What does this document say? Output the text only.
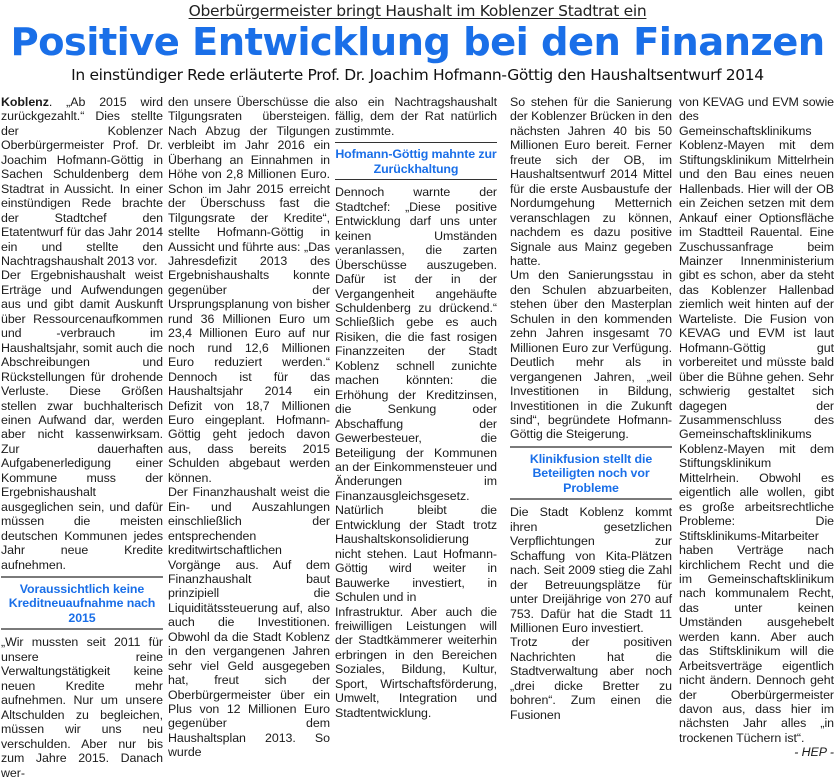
Oberbürgermeister bringt Haushalt im Koblenzer Stadtrat ein
Positive Entwicklung bei den Finanzen
In einstündiger Rede erläuterte Prof. Dr. Joachim Hofmann-Göttig den Haushaltsentwurf 2014

Koblenz. „Ab 2015 wird zurückgezahlt.“ Dies stellte der Koblenzer Oberbürgermeister Prof. Dr. Joachim Hofmann-Göttig in Sachen Schuldenberg dem Stadtrat in Aussicht. In einer einstündigen Rede brachte der Stadtchef den Etatentwurf für das Jahr 2014 ein und stellte den Nachtragshaushalt 2013 vor.

Der Ergebnishaushalt weist Erträge und Aufwendungen aus und gibt damit Auskunft über Ressourcenaufkommen und -verbrauch im Haushaltsjahr, somit auch die Abschreibungen und Rückstellungen für drohende Verluste. Diese Größen stellen zwar buchhalterisch einen Aufwand dar, werden aber nicht kassenwirksam. Zur dauerhaften Aufgabenerledigung einer Kommune muss der Ergebnishaushalt ausgeglichen sein, und dafür müssen die meisten deutschen Kommunen jedes Jahr neue Kredite aufnehmen.

Voraussichtlich keine Kreditneuaufnahme nach 2015

„Wir mussten seit 2011 für unsere reine Verwaltungstätigkeit keine neuen Kredite mehr aufnehmen. Nur um unsere Altschulden zu begleichen, müssen wir uns neu verschulden. Aber nur bis zum Jahre 2015. Danach wer-

den unsere Überschüsse die Tilgungsraten übersteigen. Nach Abzug der Tilgungen verbleibt im Jahr 2016 ein Überhang an Einnahmen in Höhe von 2,8 Millionen Euro. Schon im Jahr 2015 erreicht der Überschuss fast die Tilgungsrate der Kredite“, stellte Hofmann-Göttig in Aussicht und führte aus: „Das Jahresdefizit 2013 des Ergebnishaushalts konnte gegenüber der Ursprungsplanung von bisher rund 36 Millionen Euro um 23,4 Millionen Euro auf nur noch rund 12,6 Millionen Euro reduziert werden.“ Dennoch ist für das Haushaltsjahr 2014 ein Defizit von 18,7 Millionen Euro eingeplant. Hofmann-Göttig geht jedoch davon aus, dass bereits 2015 Schulden abgebaut werden können.

Der Finanzhaushalt weist die Ein- und Auszahlungen einschließlich der entsprechenden kreditwirtschaftlichen Vorgänge aus. Auf dem Finanzhaushalt baut prinzipiell die Liquiditätssteuerung auf, also auch die Investitionen. Obwohl da die Stadt Koblenz in den vergangenen Jahren sehr viel Geld ausgegeben hat, freut sich der Oberbürgermeister über ein Plus von 12 Millionen Euro gegenüber dem Haushaltsplan 2013. So wurde

also ein Nachtragshaushalt fällig, dem der Rat natürlich zustimmte.

Hofmann-Göttig mahnte zur Zurückhaltung

Dennoch warnte der Stadtchef: „Diese positive Entwicklung darf uns unter keinen Umständen veranlassen, die zarten Überschüsse auszugeben. Dafür ist der in der Vergangenheit angehäufte Schuldenberg zu drückend.“ Schließlich gebe es auch Risiken, die die fast rosigen Finanzzeiten der Stadt Koblenz schnell zunichte machen könnten: die Erhöhung der Kreditzinsen, die Senkung oder Abschaffung der Gewerbesteuer, die Beteiligung der Kommunen an der Einkommensteuer und Änderungen im Finanzausgleichsgesetz.

Natürlich bleibt die Entwicklung der Stadt trotz Haushaltskonsolidierung nicht stehen. Laut Hofmann-Göttig wird weiter in Bauwerke investiert, in Schulen und in

Infrastruktur. Aber auch die freiwilligen Leistungen will der Stadtkämmerer weiterhin erbringen in den Bereichen Soziales, Bildung, Kultur, Sport, Wirtschaftsförderung, Umwelt, Integration und Stadtentwicklung.

So stehen für die Sanierung der Koblenzer Brücken in den nächsten Jahren 40 bis 50 Millionen Euro bereit. Ferner freute sich der OB, im Haushaltsentwurf 2014 Mittel für die erste Ausbaustufe der Nordumgehung Metternich veranschlagen zu können, nachdem es dazu positive Signale aus Mainz gegeben hatte.

Um den Sanierungsstau in den Schulen abzuarbeiten, stehen über den Masterplan Schulen in den kommenden zehn Jahren insgesamt 70 Millionen Euro zur Verfügung. Deutlich mehr als in vergangenen Jahren, „weil Investitionen in Bildung, Investitionen in die Zukunft sind“, begründete Hofmann-Göttig die Steigerung.

Klinikfusion stellt die Beteiligten noch vor Probleme

Die Stadt Koblenz kommt ihren gesetzlichen Verpflichtungen zur Schaffung von Kita-Plätzen nach. Seit 2009 stieg die Zahl der Betreuungsplätze für unter Dreijährige von 270 auf 753. Dafür hat die Stadt 11 Millionen Euro investiert.

Trotz der positiven Nachrichten hat die Stadtverwaltung aber noch „drei dicke Bretter zu bohren“. Zum einen die Fusionen

von KEVAG und EVM sowie des Gemeinschaftsklinikums Koblenz-Mayen mit dem Stiftungsklinikum Mittelrhein und den Bau eines neuen Hallenbads. Hier will der OB ein Zeichen setzen mit dem Ankauf einer Optionsfläche im Stadtteil Rauental. Eine Zuschussanfrage beim Mainzer Innenministerium gibt es schon, aber da steht das Koblenzer Hallenbad ziemlich weit hinten auf der Warteliste. Die Fusion von KEVAG und EVM ist laut Hofmann-Göttig gut vorbereitet und müsste bald über die Bühne gehen. Sehr schwierig gestaltet sich dagegen der Zusammenschluss des Gemeinschaftsklinikums Koblenz-Mayen mit dem Stiftungsklinikum Mittelrhein. Obwohl es eigentlich alle wollen, gibt es große arbeitsrechtliche Probleme: Die Stiftsklinikums-Mitarbeiter haben Verträge nach kirchlichem Recht und die im Gemeinschaftsklinikum nach kommunalem Recht, das unter keinen Umständen ausgehebelt werden kann. Aber auch das Stiftsklinikum will die Arbeitsverträge eigentlich nicht ändern. Dennoch geht der Oberbürgermeister davon aus, dass hier im nächsten Jahr alles „in trockenen Tüchern ist“.

- HEP -
